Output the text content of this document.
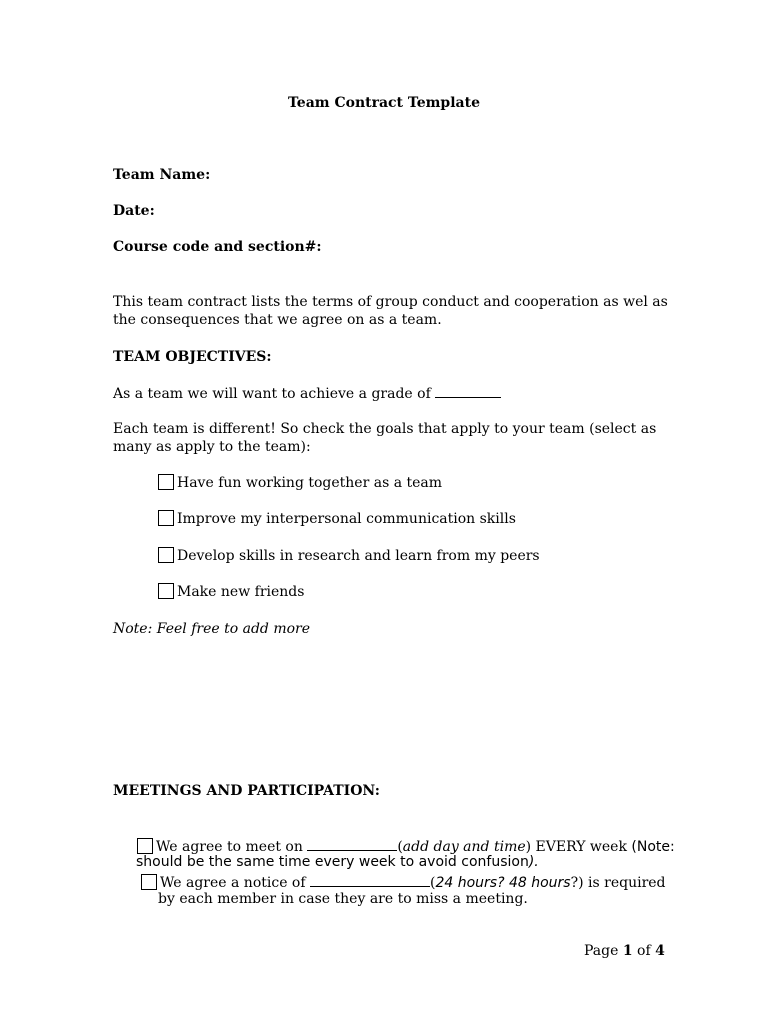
Team Contract Template
Team Name:
Date:
Course code and section#:
This team contract lists the terms of group conduct and cooperation as wel as the consequences that we agree on as a team.
TEAM OBJECTIVES:
As a team we will want to achieve a grade of
Each team is different! So check the goals that apply to your team (select as many as apply to the team):
Have fun working together as a team
Improve my interpersonal communication skills
Develop skills in research and learn from my peers
Make new friends
Note: Feel free to add more
MEETINGS AND PARTICIPATION:
We agree to meet on	(add day and time) EVERY week (Note:
should be the same time every week to avoid confusion).
We agree a notice of	(24 hours? 48 hours?) is required
by each member in case they are to miss a meeting.
Page 1 of 4
